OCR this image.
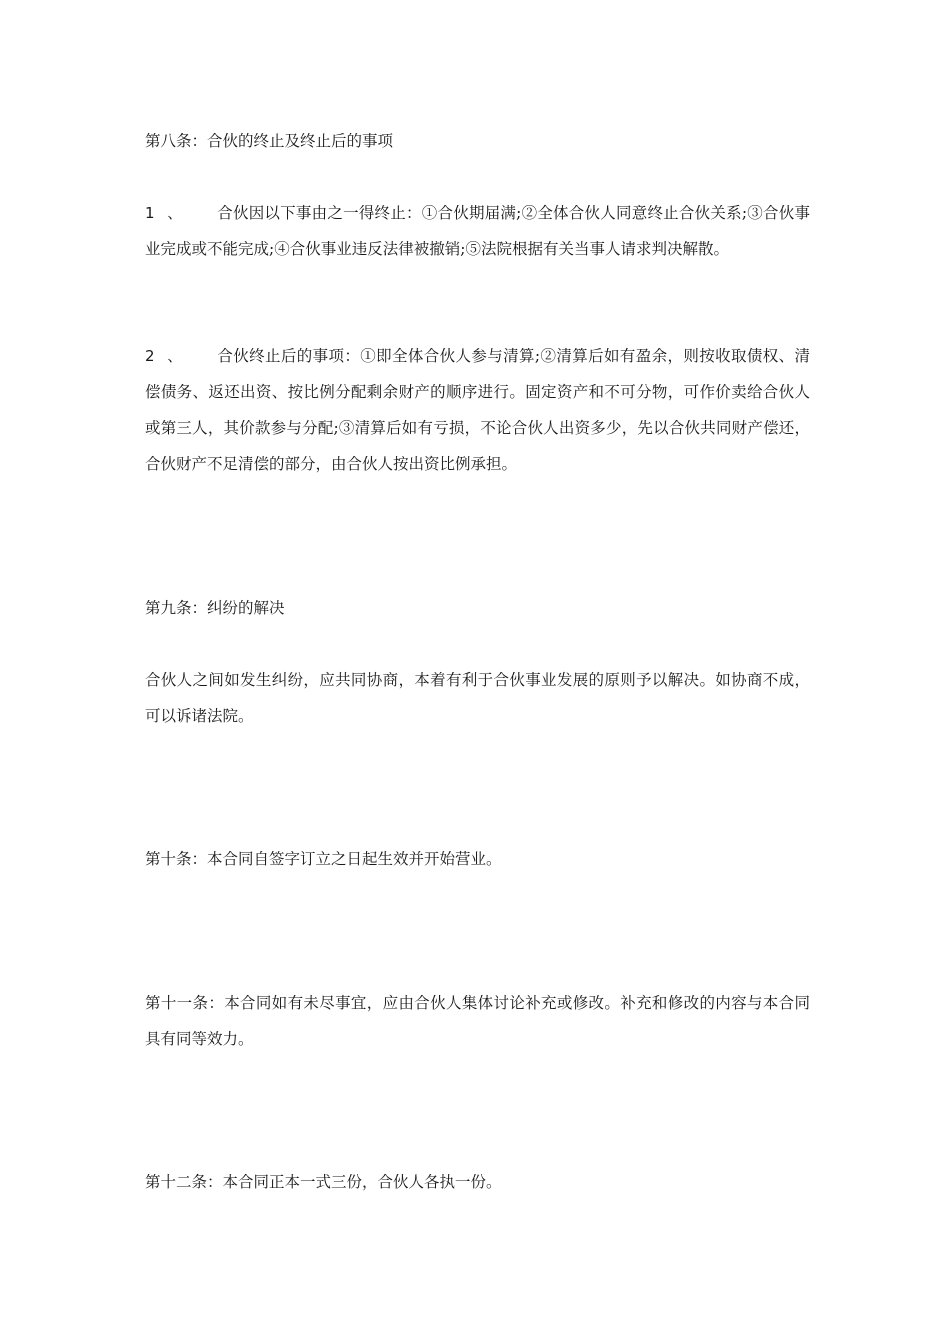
第八条：合伙的终止及终止后的事项

1 、 合伙因以下事由之一得终止：①合伙期届满;②全体合伙人同意终止合伙关系;③合伙事业完成或不能完成;④合伙事业违反法律被撤销;⑤法院根据有关当事人请求判决解散。

2 、 合伙终止后的事项：①即全体合伙人参与清算;②清算后如有盈余，则按收取债权、清偿债务、返还出资、按比例分配剩余财产的顺序进行。固定资产和不可分物，可作价卖给合伙人或第三人，其价款参与分配;③清算后如有亏损，不论合伙人出资多少，先以合伙共同财产偿还，合伙财产不足清偿的部分，由合伙人按出资比例承担。

第九条：纠纷的解决

合伙人之间如发生纠纷，应共同协商，本着有利于合伙事业发展的原则予以解决。如协商不成，可以诉诸法院。

第十条：本合同自签字订立之日起生效并开始营业。

第十一条：本合同如有未尽事宜，应由合伙人集体讨论补充或修改。补充和修改的内容与本合同具有同等效力。

第十二条：本合同正本一式三份，合伙人各执一份。
